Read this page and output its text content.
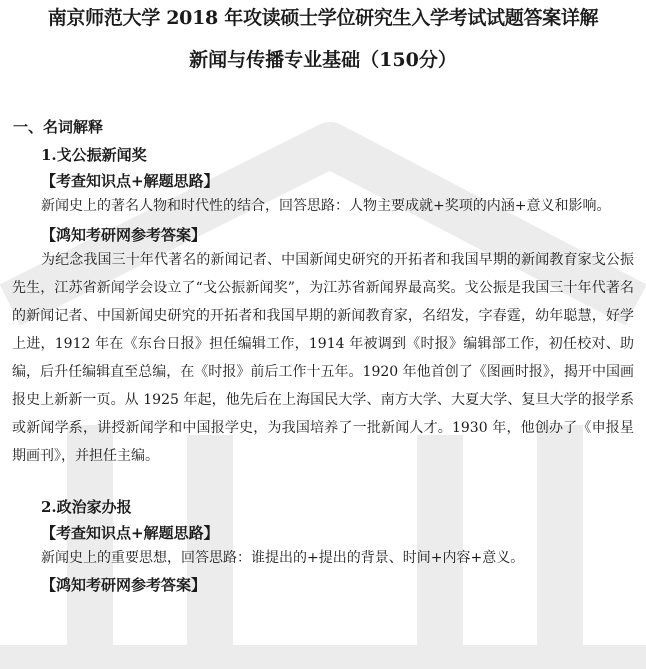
南京师范大学 2018 年攻读硕士学位研究生入学考试试题答案详解
新闻与传播专业基础（150分）
一、名词解释
1.戈公振新闻奖
【考查知识点+解题思路】

新闻史上的著名人物和时代性的结合，回答思路：人物主要成就+奖项的内涵+意义和影响。

【鸿知考研网参考答案】

为纪念我国三十年代著名的新闻记者、中国新闻史研究的开拓者和我国早期的新闻教育家戈公振先生，江苏省新闻学会设立了“戈公振新闻奖”，为江苏省新闻界最高奖。戈公振是我国三十年代著名的新闻记者、中国新闻史研究的开拓者和我国早期的新闻教育家，名绍发，字春霆，幼年聪慧，好学上进，1912 年在《东台日报》担任编辑工作，1914 年被调到《时报》编辑部工作，初任校对、助编，后升任编辑直至总编，在《时报》前后工作十五年。1920 年他首创了《图画时报》，揭开中国画报史上新新一页。从 1925 年起，他先后在上海国民大学、南方大学、大夏大学、复旦大学的报学系或新闻学系，讲授新闻学和中国报学史，为我国培养了一批新闻人才。1930 年，他创办了《申报星期画刊》，并担任主编。

2.政治家办报
【考查知识点+解题思路】

新闻史上的重要思想，回答思路：谁提出的+提出的背景、时间+内容+意义。

【鸿知考研网参考答案】
